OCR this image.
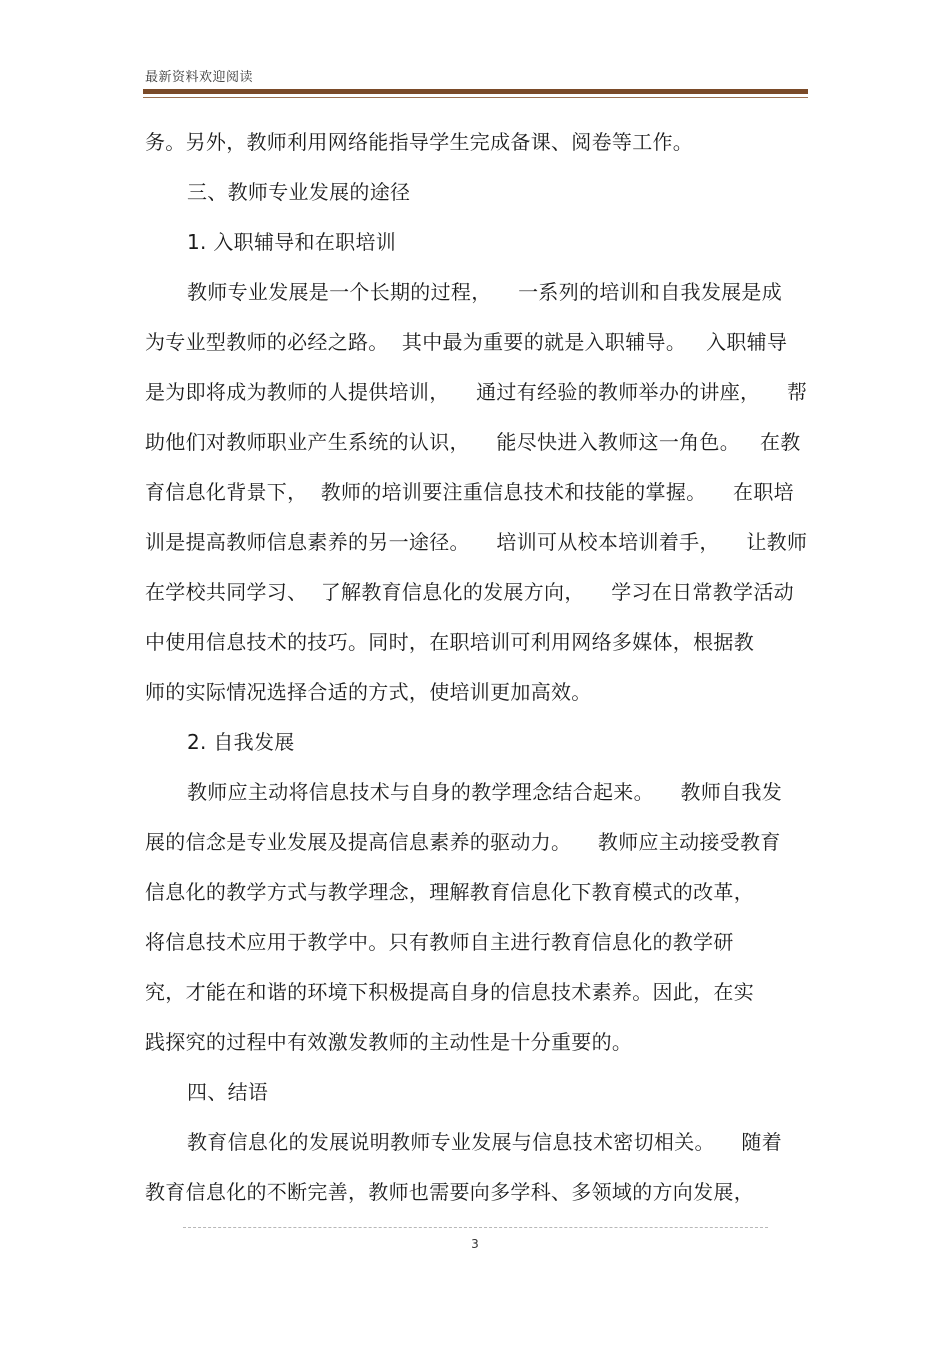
最新资料欢迎阅读
务。另外，教师利用网络能指导学生完成备课、阅卷等工作。
三、教师专业发展的途径
1. 入职辅导和在职培训
教师专业发展是一个长期的过程，    一系列的培训和自我发展是成
为专业型教师的必经之路。  其中最为重要的就是入职辅导。   入职辅导
是为即将成为教师的人提供培训，    通过有经验的教师举办的讲座，    帮
助他们对教师职业产生系统的认识，    能尽快进入教师这一角色。   在教
育信息化背景下，  教师的培训要注重信息技术和技能的掌握。    在职培
训是提高教师信息素养的另一途径。    培训可从校本培训着手，    让教师
在学校共同学习、  了解教育信息化的发展方向，    学习在日常教学活动
中使用信息技术的技巧。同时，在职培训可利用网络多媒体，根据教
师的实际情况选择合适的方式，使培训更加高效。
2. 自我发展
教师应主动将信息技术与自身的教学理念结合起来。    教师自我发
展的信念是专业发展及提高信息素养的驱动力。    教师应主动接受教育
信息化的教学方式与教学理念，理解教育信息化下教育模式的改革，
将信息技术应用于教学中。只有教师自主进行教育信息化的教学研
究，才能在和谐的环境下积极提高自身的信息技术素养。因此，在实
践探究的过程中有效激发教师的主动性是十分重要的。
四、结语
教育信息化的发展说明教师专业发展与信息技术密切相关。    随着
教育信息化的不断完善，教师也需要向多学科、多领域的方向发展，
3
